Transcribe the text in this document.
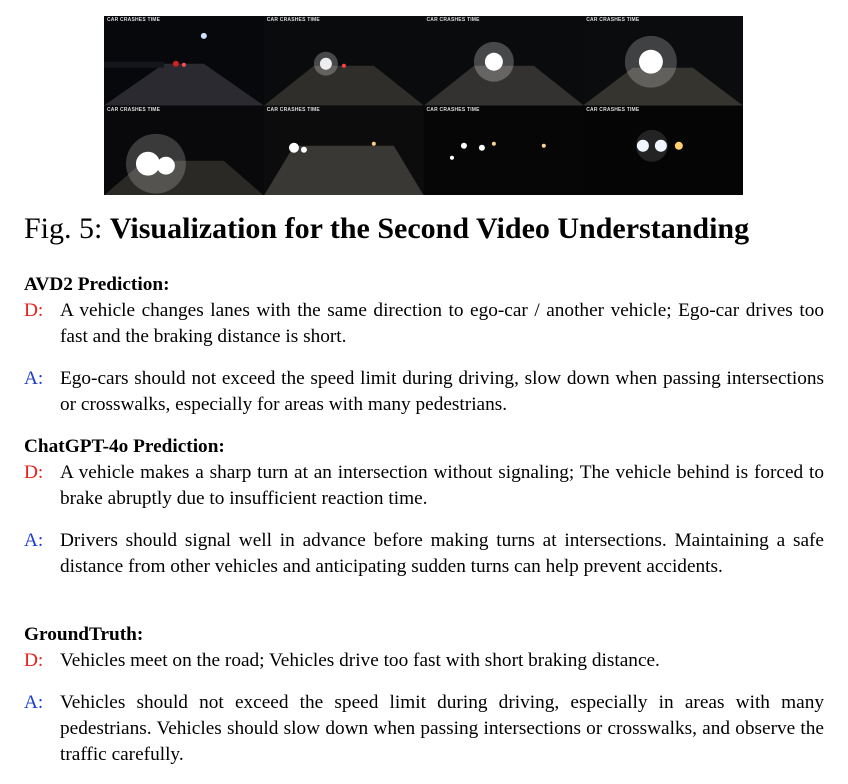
CAR CRASHES TIME	CAR CRASHES TIME	CAR CRASHES TIME	CAR CRASHES TIME
CAR CRASHES TIME	CAR CRASHES TIME	CAR CRASHES TIME	CAR CRASHES TIME
Fig. 5: Visualization for the Second Video Understanding
AVD2 Prediction:
D: A vehicle changes lanes with the same direction to ego-car / another vehicle; Ego-car drives too fast and the braking distance is short.
A: Ego-cars should not exceed the speed limit during driving, slow down when passing intersections or crosswalks, especially for areas with many pedestrians.
ChatGPT-4o Prediction:
D: A vehicle makes a sharp turn at an intersection without signaling; The vehicle behind is forced to brake abruptly due to insufficient reaction time.
A: Drivers should signal well in advance before making turns at intersections. Maintaining a safe distance from other vehicles and anticipating sudden turns can help prevent accidents.
GroundTruth:
D: Vehicles meet on the road; Vehicles drive too fast with short braking distance.
A: Vehicles should not exceed the speed limit during driving, especially in areas with many pedestrians. Vehicles should slow down when passing intersections or crosswalks, and observe the traffic carefully.
